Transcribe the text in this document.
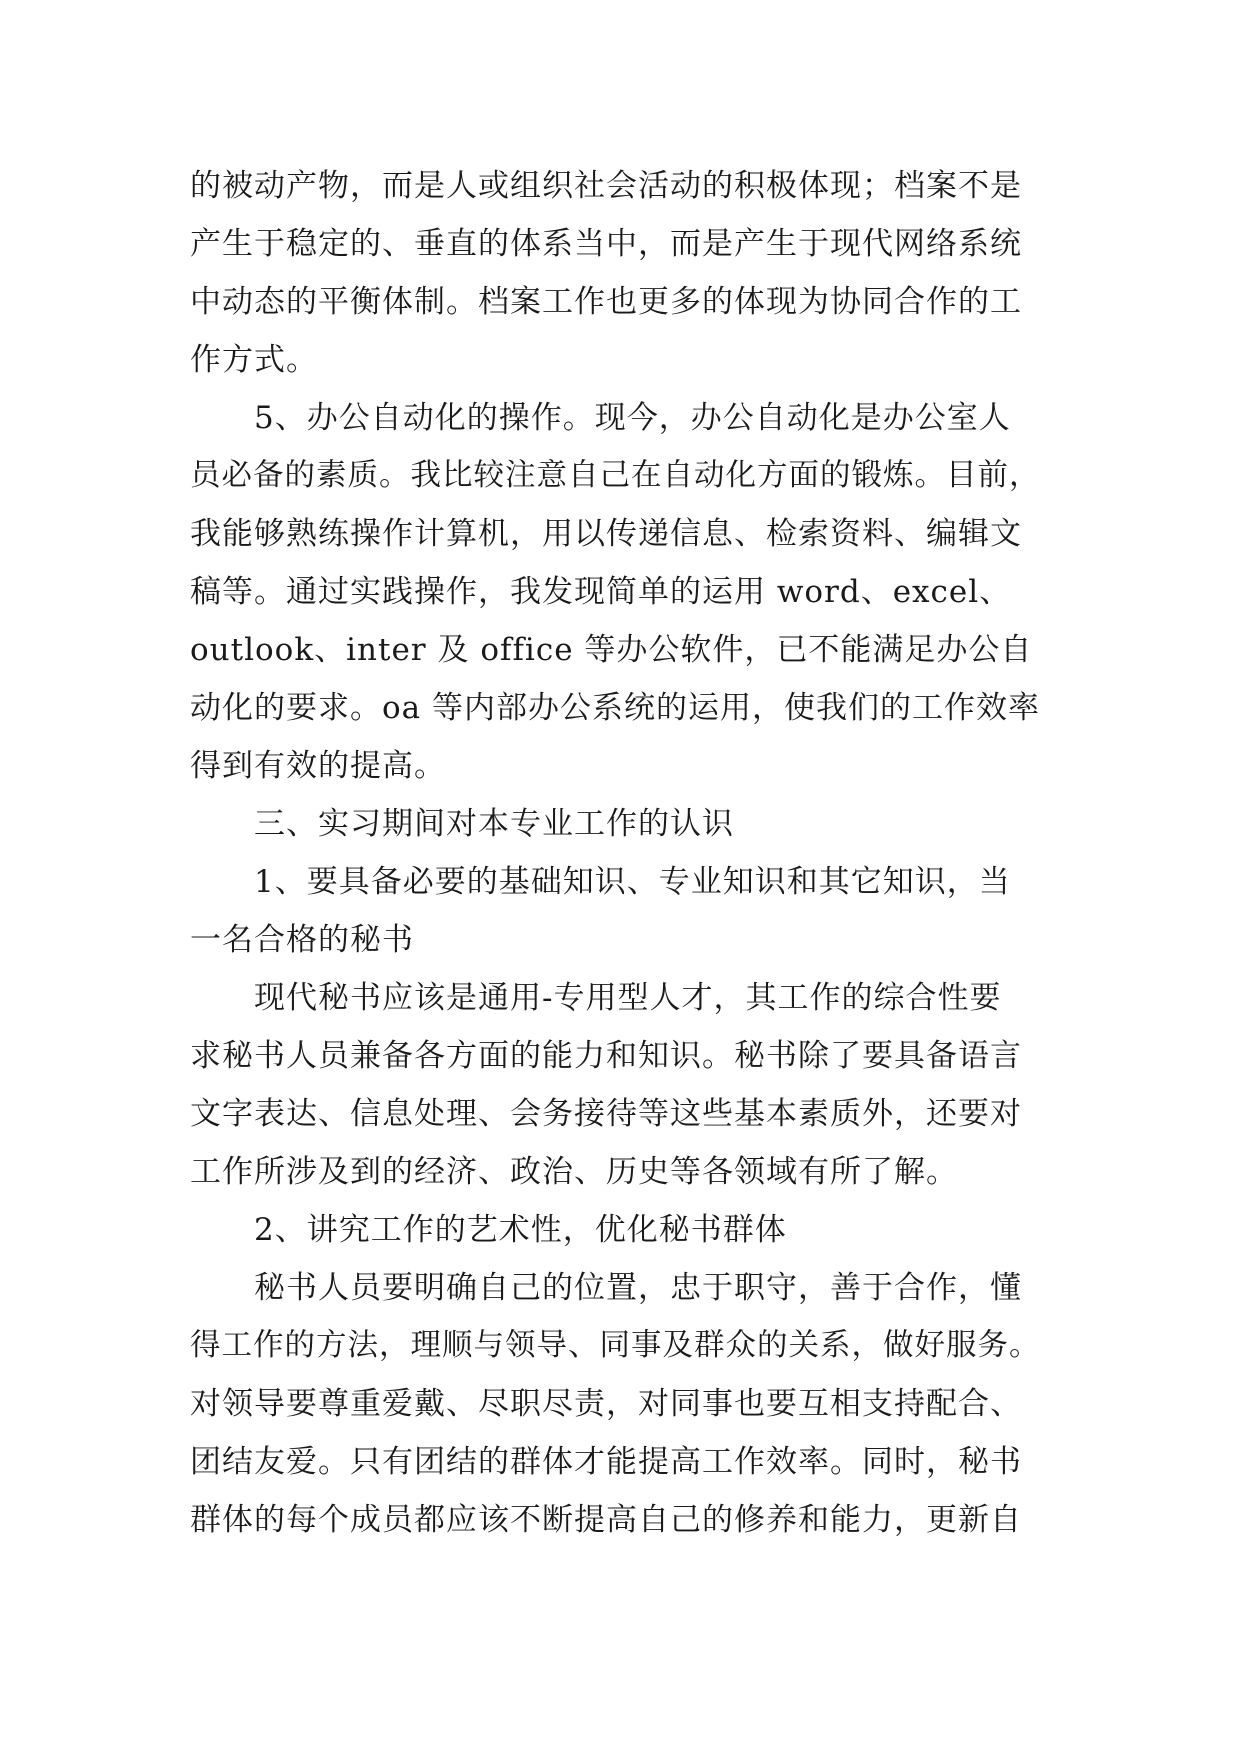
的被动产物，而是人或组织社会活动的积极体现；档案不是
产生于稳定的、垂直的体系当中，而是产生于现代网络系统
中动态的平衡体制。档案工作也更多的体现为协同合作的工
作方式。
5、办公自动化的操作。现今，办公自动化是办公室人
员必备的素质。我比较注意自己在自动化方面的锻炼。目前，
我能够熟练操作计算机，用以传递信息、检索资料、编辑文
稿等。通过实践操作，我发现简单的运用 word、excel、
outlook、inter 及 office 等办公软件，已不能满足办公自
动化的要求。oa 等内部办公系统的运用，使我们的工作效率
得到有效的提高。
三、实习期间对本专业工作的认识
1、要具备必要的基础知识、专业知识和其它知识，当
一名合格的秘书
现代秘书应该是通用-专用型人才，其工作的综合性要
求秘书人员兼备各方面的能力和知识。秘书除了要具备语言
文字表达、信息处理、会务接待等这些基本素质外，还要对
工作所涉及到的经济、政治、历史等各领域有所了解。
2、讲究工作的艺术性，优化秘书群体
秘书人员要明确自己的位置，忠于职守，善于合作，懂
得工作的方法，理顺与领导、同事及群众的关系，做好服务。
对领导要尊重爱戴、尽职尽责，对同事也要互相支持配合、
团结友爱。只有团结的群体才能提高工作效率。同时，秘书
群体的每个成员都应该不断提高自己的修养和能力，更新自
